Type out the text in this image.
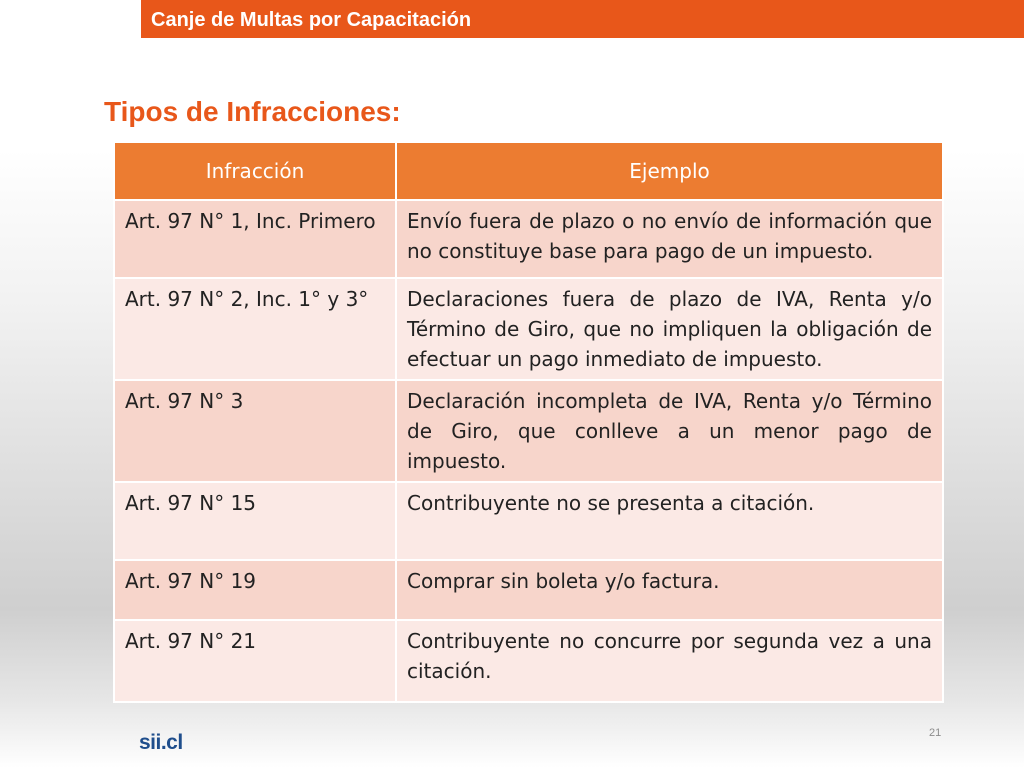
Canje de Multas por Capacitación
Tipos de Infracciones:
Infracción	Ejemplo
Art. 97 N° 1, Inc. Primero	Envío fuera de plazo o no envío de información que no constituye base para pago de un impuesto.
Art. 97 N° 2, Inc. 1° y 3°	Declaraciones fuera de plazo de IVA, Renta y/o Término de Giro, que no impliquen la obligación de efectuar un pago inmediato de impuesto.
Art. 97 N° 3	Declaración incompleta de IVA, Renta y/o Término de Giro, que conlleve a un menor pago de impuesto.
Art. 97 N° 15	Contribuyente no se presenta a citación.
Art. 97 N° 19	Comprar sin boleta y/o factura.
Art. 97 N° 21	Contribuyente no concurre por segunda vez a una citación.
21
sii.cl
